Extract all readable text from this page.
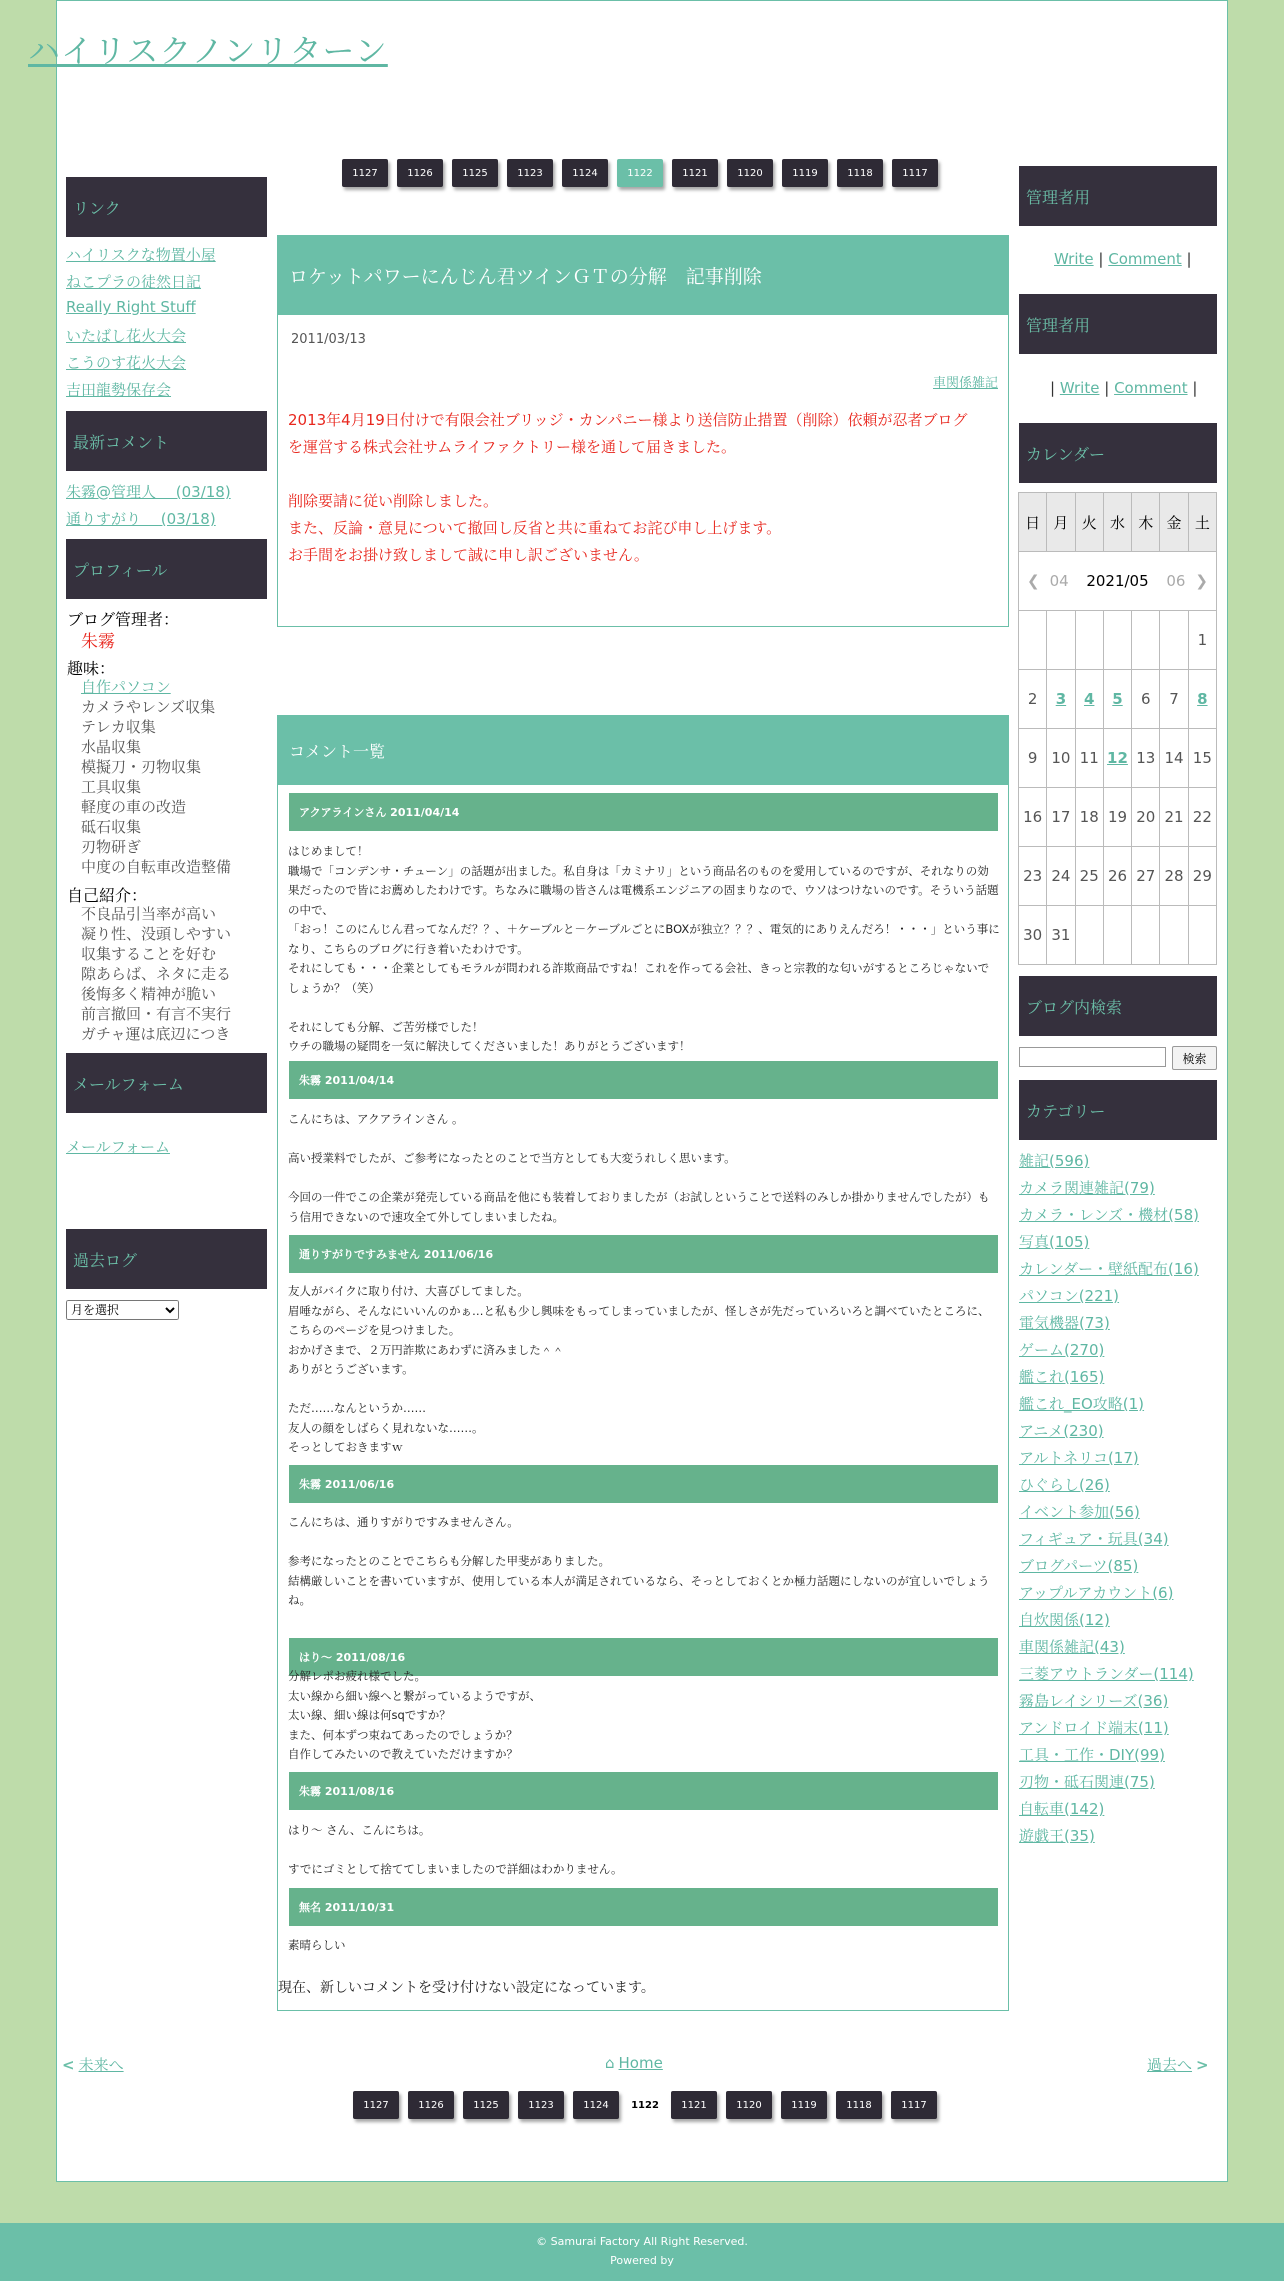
ハイリスクノンリターン
1127	1126	1125	1123	1124	1122	1121	1120	1119	1118	1117
リンク
ハイリスクな物置小屋
ねこプラの徒然日記
Really Right Stuff
いたばし花火大会
こうのす花火大会
吉田龍勢保存会
最新コメント
朱霧@管理人 　(03/18)
通りすがり 　(03/18)
プロフィール
ブログ管理者：
朱霧
趣味：
自作パソコン
カメラやレンズ収集
テレカ収集
水晶収集
模擬刀・刃物収集
工具収集
軽度の車の改造
砥石収集
刃物研ぎ
中度の自転車改造整備
自己紹介：
不良品引当率が高い
凝り性、没頭しやすい
収集することを好む
隙あらば、ネタに走る
後悔多く精神が脆い
前言撤回・有言不実行
ガチャ運は底辺につき
メールフォーム
メールフォーム
過去ログ
月を選択
ロケットパワーにんじん君ツインＧＴの分解　記事削除
2011/03/13
車関係雑記

2013年4月19日付けで有限会社ブリッジ・カンパニー様より送信防止措置（削除）依頼が忍者ブログを運営する株式会社サムライファクトリー様を通して届きました。

削除要請に従い削除しました。

また、反論・意見について撤回し反省と共に重ねてお詫び申し上げます。

お手間をお掛け致しまして誠に申し訳ございません。

コメント一覧
アクアラインさん 2011/04/14
はじめまして！
職場で「コンデンサ・チューン」の話題が出ました。私自身は「カミナリ」という商品名のものを愛用しているのですが、それなりの効果だったので皆にお薦めしたわけです。ちなみに職場の皆さんは電機系エンジニアの固まりなので、ウソはつけないのです。そういう話題の中で、
「おっ！このにんじん君ってなんだ？？、＋ケーブルと－ケーブルごとにBOXが独立？？？、電気的にありえんだろ！・・・」という事になり、こちらのブログに行き着いたわけです。
それにしても・・・企業としてもモラルが問われる詐欺商品ですね！これを作ってる会社、きっと宗教的な匂いがするところじゃないでしょうか？（笑）

それにしても分解、ご苦労様でした！
ウチの職場の疑問を一気に解決してくださいました！ありがとうございます！
朱霧 2011/04/14
こんにちは、アクアラインさん 。

高い授業料でしたが、ご参考になったとのことで当方としても大変うれしく思います。

今回の一件でこの企業が発売している商品を他にも装着しておりましたが（お試しということで送料のみしか掛かりませんでしたが）もう信用できないので速攻全て外してしまいましたね。
通りすがりですみません 2011/06/16
友人がバイクに取り付け、大喜びしてました。
眉唾ながら、そんなにいいんのかぁ…と私も少し興味をもってしまっていましたが、怪しさが先だっていろいろと調べていたところに、こちらのページを見つけました。
おかげさまで、２万円詐欺にあわずに済みました＾＾
ありがとうございます。

ただ……なんというか……
友人の顔をしばらく見れないな……。
そっとしておきますｗ
朱霧 2011/06/16
こんにちは、通りすがりですみませんさん。

参考になったとのことでこちらも分解した甲斐がありました。
結構厳しいことを書いていますが、使用している本人が満足されているなら、そっとしておくとか極力話題にしないのが宜しいでしょうね。
はり～ 2011/08/16
分解レポお疲れ様でした。
太い線から細い線へと繋がっているようですが、
太い線、細い線は何sqですか？
また、何本ずつ束ねてあったのでしょうか？
自作してみたいので教えていただけますか？
朱霧 2011/08/16
はり～ さん、こんにちは。

すでにゴミとして捨ててしまいましたので詳細はわかりません。
無名 2011/10/31
素晴らしい
現在、新しいコメントを受け付けない設定になっています。
< 未来へ	⌂ Home	過去へ >
1127	1126	1125	1123	1124	1122	1121	1120	1119	1118	1117
管理者用
Write | Comment |
管理者用
| Write | Comment |
カレンダー
❮ 04 2021/05 06 ❯						

日	月	火	水	木	金	土
						1
2	3	4	5	6	7	8
9	10	11	12	13	14	15
16	17	18	19	20	21	22
23	24	25	26	27	28	29
30	31					
ブログ内検索
検索
カテゴリー
雑記(596)
カメラ関連雑記(79)
カメラ・レンズ・機材(58)
写真(105)
カレンダー・壁紙配布(16)
パソコン(221)
電気機器(73)
ゲーム(270)
艦これ(165)
艦これ_EO攻略(1)
アニメ(230)
アルトネリコ(17)
ひぐらし(26)
イベント参加(56)
フィギュア・玩具(34)
ブログパーツ(85)
アップルアカウント(6)
自炊関係(12)
車関係雑記(43)
三菱アウトランダー(114)
霧島レイシリーズ(36)
アンドロイド端末(11)
工具・工作・DIY(99)
刃物・砥石関連(75)
自転車(142)
遊戯王(35)
© Samurai Factory All Right Reserved.
Powered by
